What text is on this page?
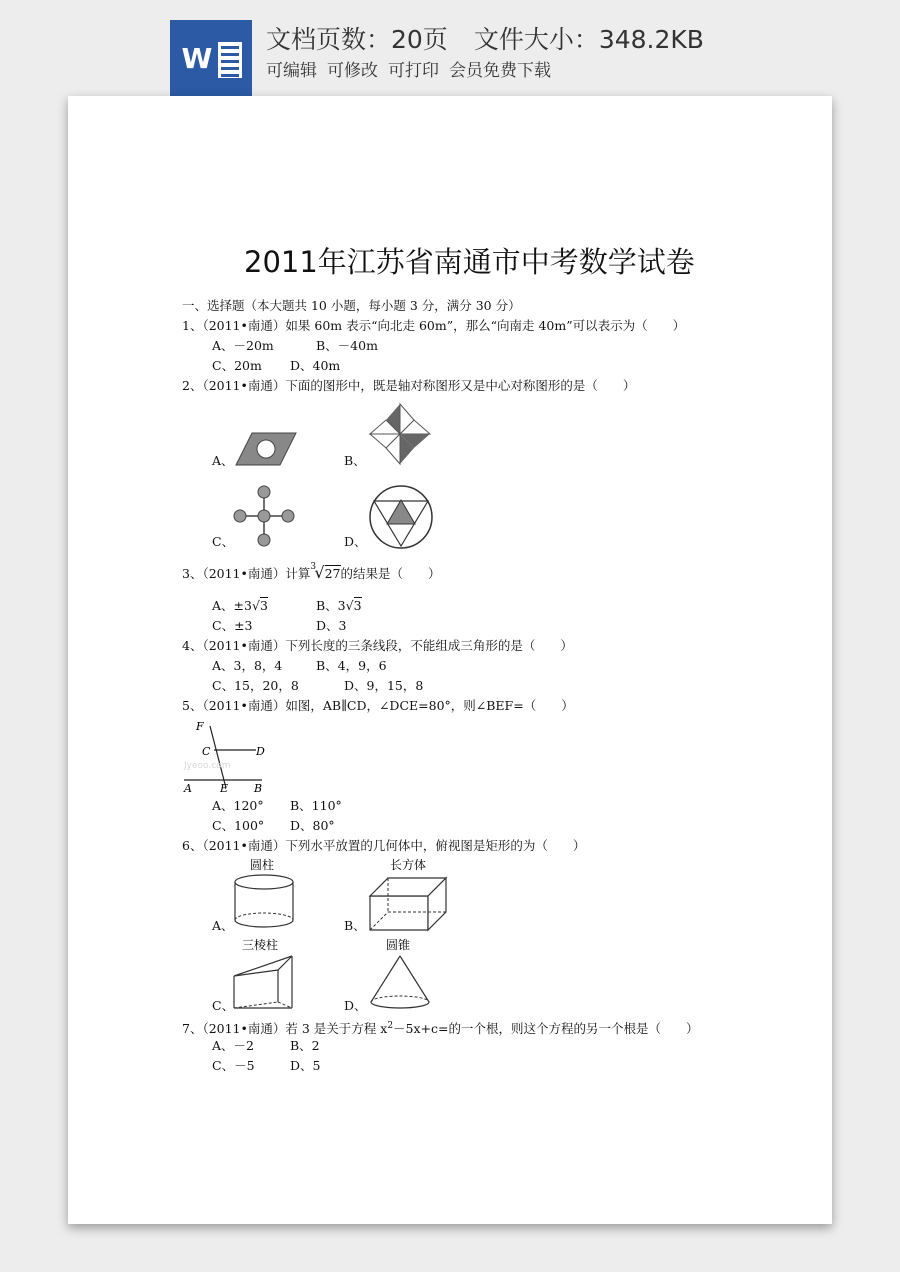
W
文档页数：20页 文件大小：348.2KB
可编辑 可修改 可打印 会员免费下载
2011年江苏省南通市中考数学试卷
一、选择题（本大题共 10 小题，每小题 3 分，满分 30 分）
1、（2011•南通）如果 60m 表示“向北走 60m”，那么“向南走 40m”可以表示为（　　）
A、－20m	B、－40m
C、20m D、40m
2、（2011•南通）下面的图形中，既是轴对称图形又是中心对称图形的是（　　）
A、	B、
C、	D、
3、（2011•南通）计算 3
√27的结果是（　　）
A、±3√3	B、3√3
C、±3	D、3
4、（2011•南通）下列长度的三条线段，不能组成三角形的是（　　）
A、3，8，4	B、4，9，6
C、15，20，8	D、9，15，8
5、（2011•南通）如图，AB∥CD，∠DCE=80°，则∠BEF=（　　）
F
C	D
A	E B
Jyeoo.com
A、120° B、110°
C、100° D、80°
6、（2011•南通）下列水平放置的几何体中，俯视图是矩形的为（　　）
A、
圆柱
B、
长方体
C、
三棱柱
D、
圆锥
7、（2011•南通）若 3 是关于方程 $x^2-5x+c=$的一个根，则这个方程的另一个根是（　　）
A、－2	B、2
C、－5	D、5
